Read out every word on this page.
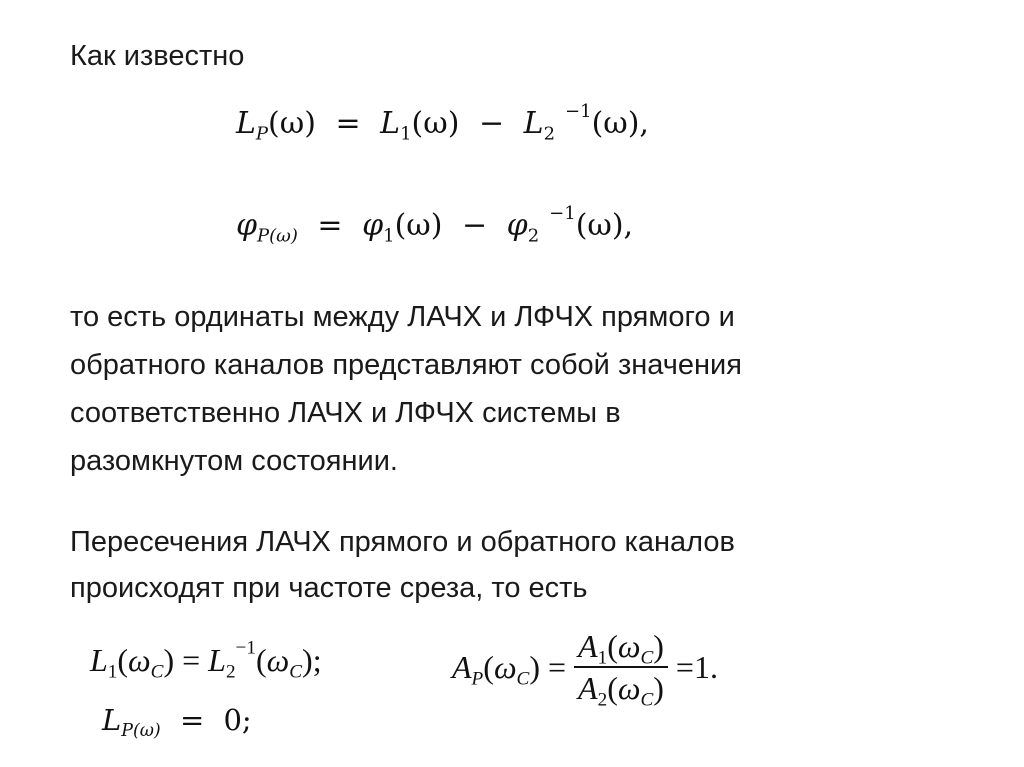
Как известно

$L_P(\omega) = L_1(\omega) - L_2^{-1}(\omega)$,
$\varphi_{P(\omega)} = \varphi_1(\omega) - \varphi_2^{-1}(\omega)$,
то есть ординаты между ЛАЧХ и ЛФЧХ прямого и
обратного каналов представляют собой значения
соответственно ЛАЧХ и ЛФЧХ системы в
разомкнутом состоянии.
Пересечения ЛАЧХ прямого и обратного каналов
происходят при частоте среза, то есть
$L_1(\omega_C) = L_2^{-1}(\omega_C)$;
$L_{P(\omega)} = 0$;
$A_P(\omega_C) = \frac{A_1(\omega_C)}{A_2(\omega_C)} =1$.
